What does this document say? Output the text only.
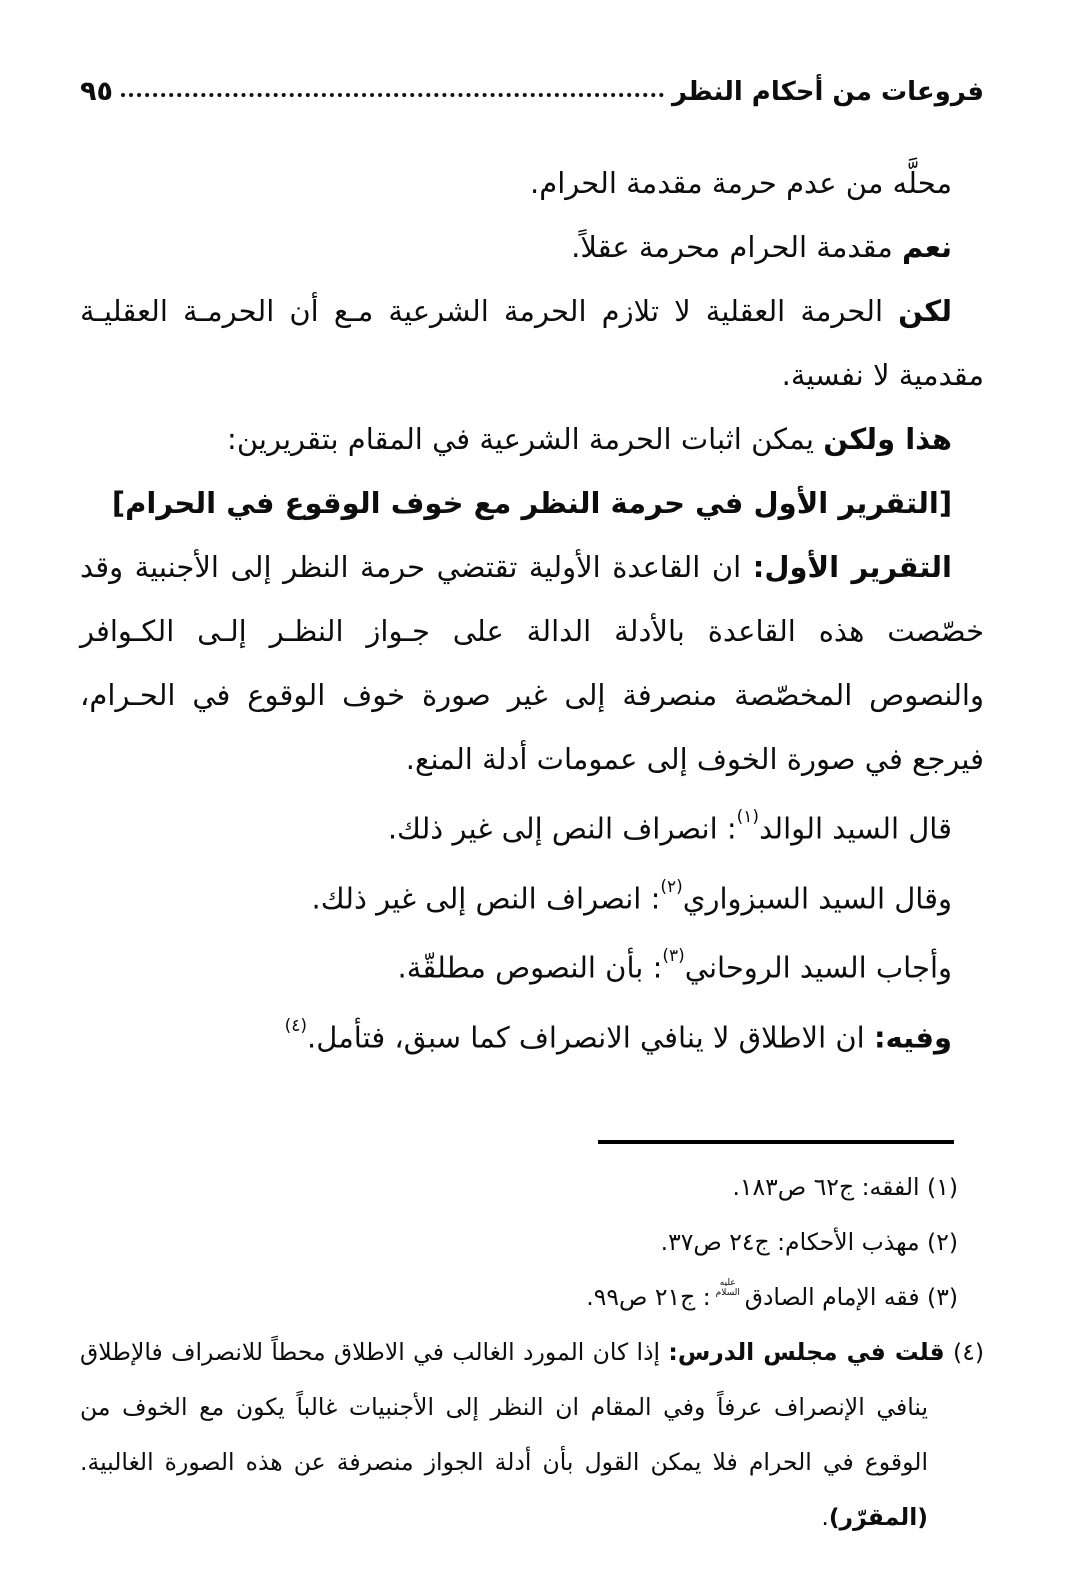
فروعات من أحكام النظر
٩٥

محلَّه من عدم حرمة مقدمة الحرام.

نعم مقدمة الحرام محرمة عقلاً.

لكن الحرمة العقلية لا تلازم الحرمة الشرعية مـع أن الحرمـة العقليـة مقدمية لا نفسية.

هذا ولكن يمكن اثبات الحرمة الشرعية في المقام بتقريرين:

[التقرير الأول في حرمة النظر مع خوف الوقوع في الحرام]

التقرير الأول: ان القاعدة الأولية تقتضي حرمة النظر إلى الأجنبية وقد خصّصت هذه القاعدة بالأدلة الدالة على جـواز النظـر إلـى الكـوافر والنصوص المخصّصة منصرفة إلى غير صورة خوف الوقوع في الحـرام، فيرجع في صورة الخوف إلى عمومات أدلة المنع.

قال السيد الوالد$^{(١)}$: انصراف النص إلى غير ذلك.

وقال السيد السبزواري$^{(٢)}$: انصراف النص إلى غير ذلك.

وأجاب السيد الروحاني$^{(٣)}$: بأن النصوص مطلقّة.

وفيه: ان الاطلاق لا ينافي الانصراف كما سبق، فتأمل.$^{(٤)}$

(١) الفقه: ج٦٢ ص١٨٣.

(٢) مهذب الأحكام: ج٢٤ ص٣٧.

(٣) فقه الإمام الصادقعليه السلام: ج٢١ ص٩٩.

(٤) قلت في مجلس الدرس: إذا كان المورد الغالب في الاطلاق محطاً للانصراف فالإطلاق ينافي الإنصراف عرفاً وفي المقام ان النظر إلى الأجنبيات غالباً يكون مع الخوف من الوقوع في الحرام فلا يمكن القول بأن أدلة الجواز منصرفة عن هذه الصورة الغالبية. (المقرّر).
